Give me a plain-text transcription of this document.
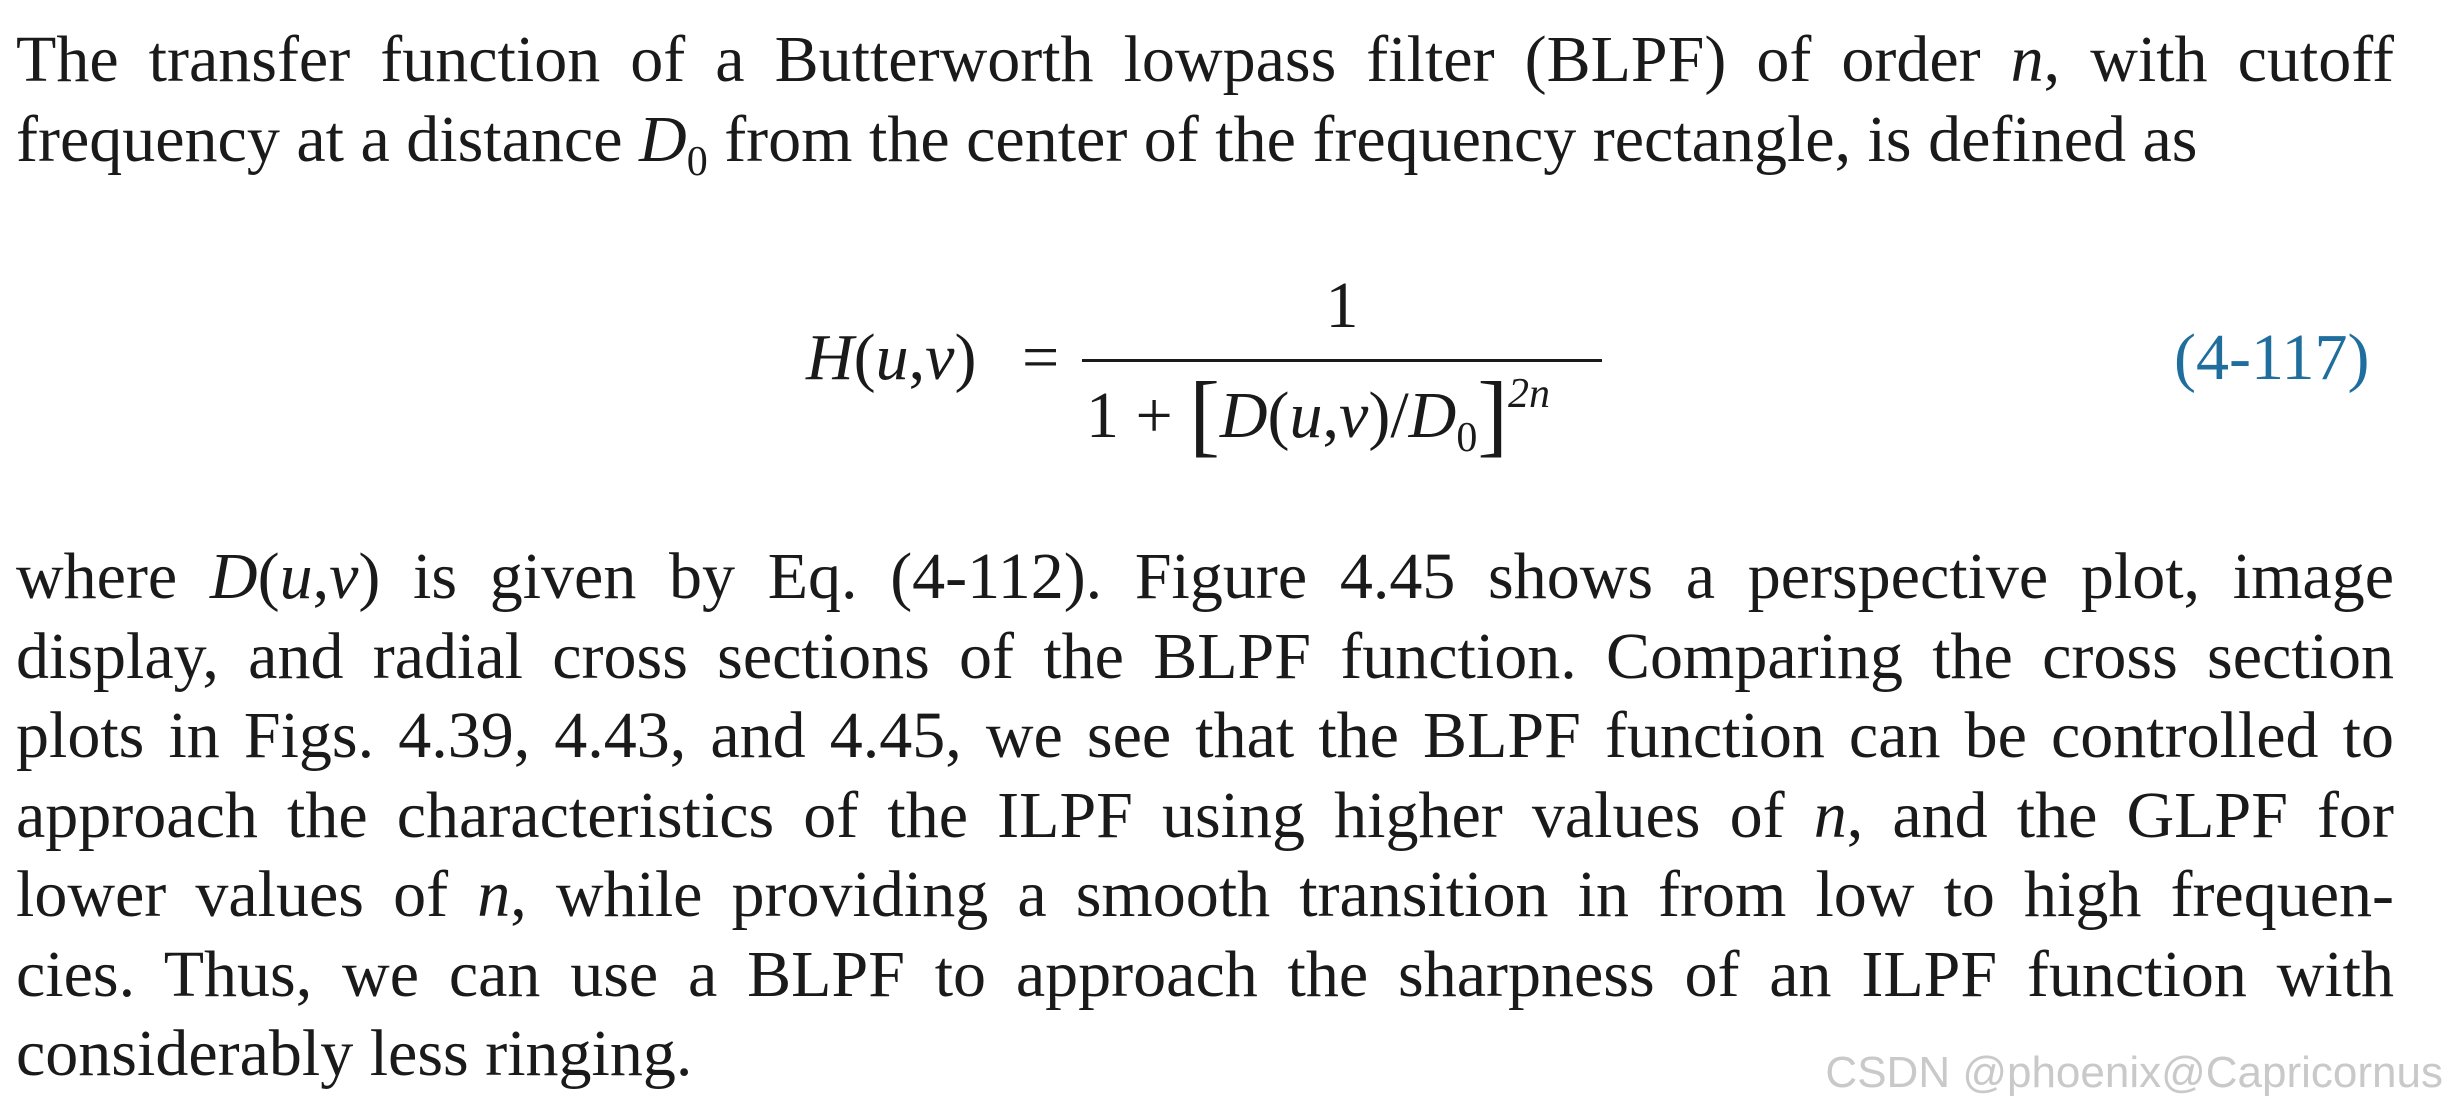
The transfer function of a Butterworth lowpass filter (BLPF) of order n, with cutoff
frequency at a distance $D_0$ from the center of the frequency rectangle, is defined as
H(u,v) =
1
$1 + [D(u,v)/D_0]^{2n}$	(4-117)
where D(u,v) is given by Eq. (4-112). Figure 4.45 shows a perspective plot, image
display, and radial cross sections of the BLPF function. Comparing the cross section
plots in Figs. 4.39, 4.43, and 4.45, we see that the BLPF function can be controlled to
approach the characteristics of the ILPF using higher values of n, and the GLPF for
lower values of n, while providing a smooth transition in from low to high frequen-
cies. Thus, we can use a BLPF to approach the sharpness of an ILPF function with
considerably less ringing.	CSDN @phoenix@Capricornus
